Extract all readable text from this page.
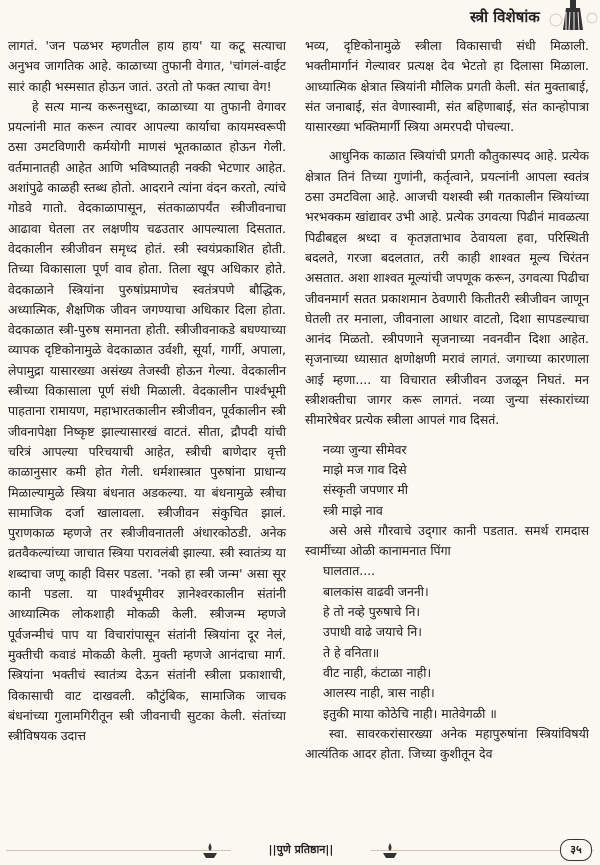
स्त्री विशेषांक

लागतं. 'जन पळभर म्हणतील हाय हाय' या कटू सत्याचा अनुभव जागतिक आहे. काळाच्या तुफानी वेगात, 'चांगलं-वाईट सारं काही भस्मसात होऊन जातं. उरतो तो फक्त त्याचा वेग!

हे सत्य मान्य करूनसुध्दा, काळाच्या या तुफानी वेगावर प्रयत्नांनी मात करून त्यावर आपल्या कार्याचा कायमस्वरूपी ठसा उमटविणारी कर्मयोगी माणसं भूतकाळात होऊन गेली. वर्तमानातही आहेत आणि भविष्यातही नक्की भेटणार आहेत. अशांपुढे काळही स्तब्ध होतो. आदराने त्यांना वंदन करतो, त्यांचे गोडवे गातो. वेदकाळापासून, संतकाळापर्यंत स्त्रीजीवनाचा आढावा घेतला तर लक्षणीय चढउतार आपल्याला दिसतात. वेदकालीन स्त्रीजीवन समृध्द होतं. स्त्री स्वयंप्रकाशित होती. तिच्या विकासाला पूर्ण वाव होता. तिला खूप अधिकार होते. वेदकाळाने स्त्रियांना पुरुषांप्रमाणेच स्वतंत्रपणे बौद्धिक, अध्यात्मिक, शैक्षणिक जीवन जगण्याचा अधिकार दिला होता. वेदकाळात स्त्री-पुरुष समानता होती. स्त्रीजीवनाकडे बघण्याच्या व्यापक दृष्टिकोनामुळे वेदकाळात उर्वशी, सूर्या, गार्गी, अपाला, लेपामुद्रा यासारख्या असंख्य तेजस्वी होऊन गेल्या. वेदकालीन स्त्रीच्या विकासाला पूर्ण संधी मिळाली. वेदकालीन पार्श्वभूमी पाहताना रामायण, महाभारतकालीन स्त्रीजीवन, पूर्वकालीन स्त्री जीवनापेक्षा निष्कृष्ट झाल्यासारखं वाटतं. सीता, द्रौपदी यांची चरित्रं आपल्या परिचयाची आहेत, स्त्रीची बाणेदार वृत्ती काळानुसार कमी होत गेली. धर्मशास्त्रात पुरुषांना प्राधान्य मिळाल्यामुळे स्त्रिया बंधनात अडकल्या. या बंधनामुळे स्त्रीचा सामाजिक दर्जा खालावला. स्त्रीजीवन संकुचित झालं. पुराणकाळ म्हणजे तर स्त्रीजीवनातली अंधारकोठडी. अनेक व्रतवैकल्यांच्या जाचात स्त्रिया परावलंबी झाल्या. स्त्री स्वातंत्र्य या शब्दाचा जणू काही विसर पडला. 'नको हा स्त्री जन्म' असा सूर कानी पडला. या पार्श्वभूमीवर ज्ञानेश्वरकालीन संतांनी आध्यात्मिक लोकशाही मोकळी केली. स्त्रीजन्म म्हणजे पूर्वजन्मीचं पाप या विचारांपासून संतांनी स्त्रियांना दूर नेलं, मुक्तीची कवाडं मोकळी केली. मुक्ती म्हणजे आनंदाचा मार्ग. स्त्रियांना भक्तीचं स्वातंत्र्य देऊन संतांनी स्त्रीला प्रकाशाची, विकासाची वाट दाखवली. कौटुंबिक, सामाजिक जाचक बंधनांच्या गुलामगिरीतून स्त्री जीवनाची सुटका केली. संतांच्या स्त्रीविषयक उदात्त

भव्य, दृष्टिकोनामुळे स्त्रीला विकासाची संधी मिळाली. भक्तीमार्गानं गेल्यावर प्रत्यक्ष देव भेटतो हा दिलासा मिळाला. आध्यात्मिक क्षेत्रात स्त्रियांनी मौलिक प्रगती केली. संत मुक्ताबाई, संत जनाबाई, संत वेणास्वामी, संत बहिणाबाई, संत कान्होपात्रा यासारख्या भक्तिमार्गी स्त्रिया अमरपदी पोचल्या.

आधुनिक काळात स्त्रियांची प्रगती कौतुकास्पद आहे. प्रत्येक क्षेत्रात तिनं तिच्या गुणांनी, कर्तृत्वाने, प्रयत्नांनी आपला स्वतंत्र ठसा उमटविला आहे. आजची यशस्वी स्त्री गतकालीन स्त्रियांच्या भरभक्कम खांद्यावर उभी आहे. प्रत्येक उगवत्या पिढीनं मावळत्या पिढीबद्दल श्रध्दा व कृतज्ञताभाव ठेवायला हवा, परिस्थिती बदलते, गरजा बदलतात, तरी काही शाश्वत मूल्य चिरंतन असतात. अशा शाश्वत मूल्यांची जपणूक करून, उगवत्या पिढीचा जीवनमार्ग सतत प्रकाशमान ठेवणारी कितीतरी स्त्रीजीवन जाणून घेतली तर मनाला, जीवनाला आधार वाटतो, दिशा सापडल्याचा आनंद मिळतो. स्त्रीपणाने सृजनाच्या नवनवीन दिशा आहेत. सृजनाच्या ध्यासात क्षणोक्षणी मरावं लागतं. जगाच्या कारणाला आई म्हणा.... या विचारात स्त्रीजीवन उजळून निघतं. मन स्त्रीशक्तीचा जागर करू लागतं. नव्या जुन्या संस्कारांच्या सीमारेषेवर प्रत्येक स्त्रीला आपलं गाव दिसतं.

नव्या जुन्या सीमेवर

माझे मज गाव दिसे

संस्कृती जपणार मी

स्त्री माझे नाव

असे असे गौरवाचे उद्‌गार कानी पडतात. समर्थ रामदास स्वामींच्या ओळी कानामनात पिंगा

घालतात....

बालकांस वाढवी जननी।

हे तो नव्हे पुरुषाचे नि।

उपाधी वाढे जयाचे नि।

ते हे वनिता॥

वीट नाही, कंटाळा नाही।

आलस्य नाही, त्रास नाही।

इतुकी माया कोठेचि नाही। मातेवेगळी ॥

स्वा. सावरकरांसारख्या अनेक महापुरुषांना स्त्रियांविषयी आत्यंतिक आदर होता. जिच्या कुशीतून देव

||पुणे प्रतिष्ठान||	३५
